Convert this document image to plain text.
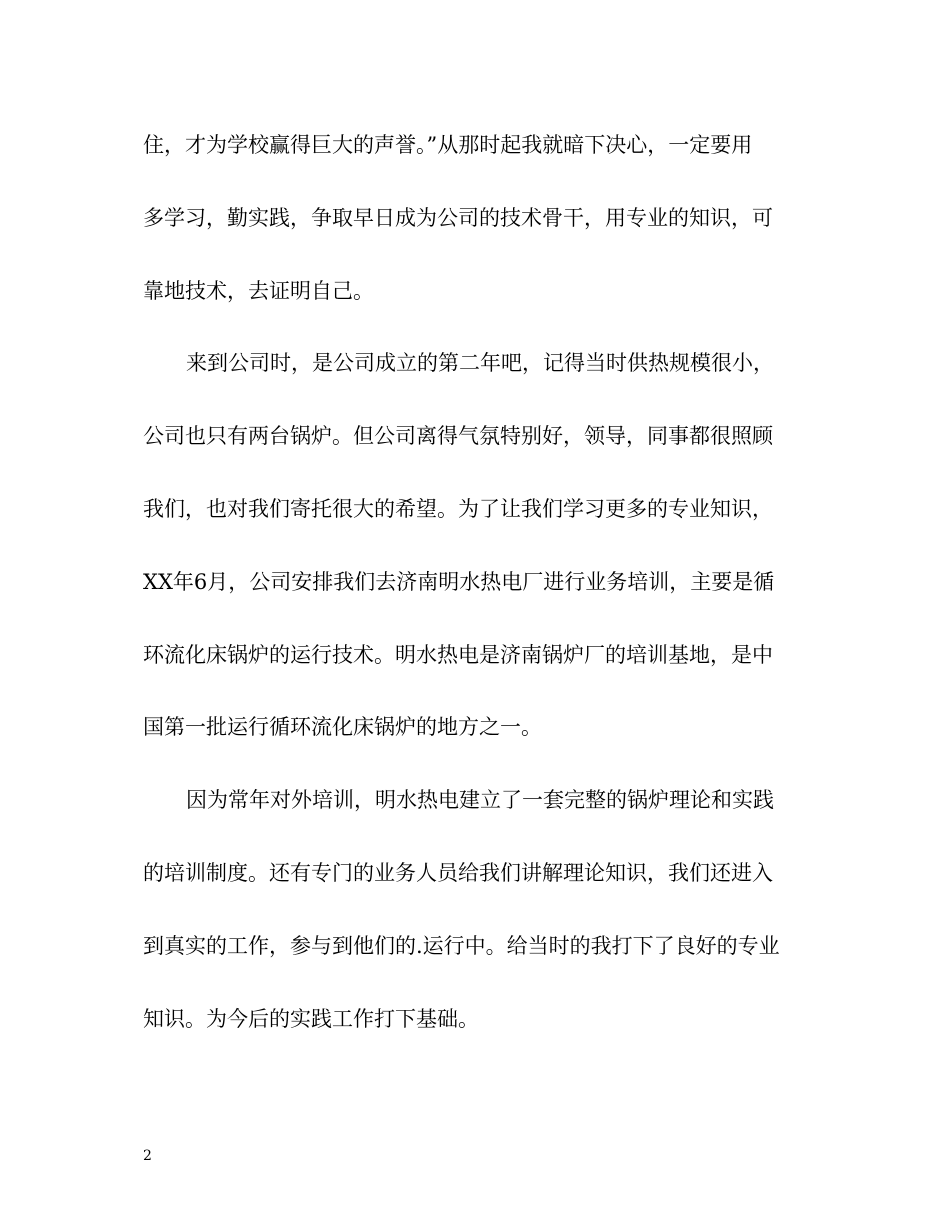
住，才为学校赢得巨大的声誉。”从那时起我就暗下决心，一定要用
多学习，勤实践，争取早日成为公司的技术骨干，用专业的知识，可
靠地技术，去证明自己。
来到公司时，是公司成立的第二年吧，记得当时供热规模很小，
公司也只有两台锅炉。但公司离得气氛特别好，领导，同事都很照顾
我们，也对我们寄托很大的希望。为了让我们学习更多的专业知识，
XX年6月，公司安排我们去济南明水热电厂进行业务培训，主要是循
环流化床锅炉的运行技术。明水热电是济南锅炉厂的培训基地，是中
国第一批运行循环流化床锅炉的地方之一。
因为常年对外培训，明水热电建立了一套完整的锅炉理论和实践
的培训制度。还有专门的业务人员给我们讲解理论知识，我们还进入
到真实的工作，参与到他们的.运行中。给当时的我打下了良好的专业
知识。为今后的实践工作打下基础。
2
